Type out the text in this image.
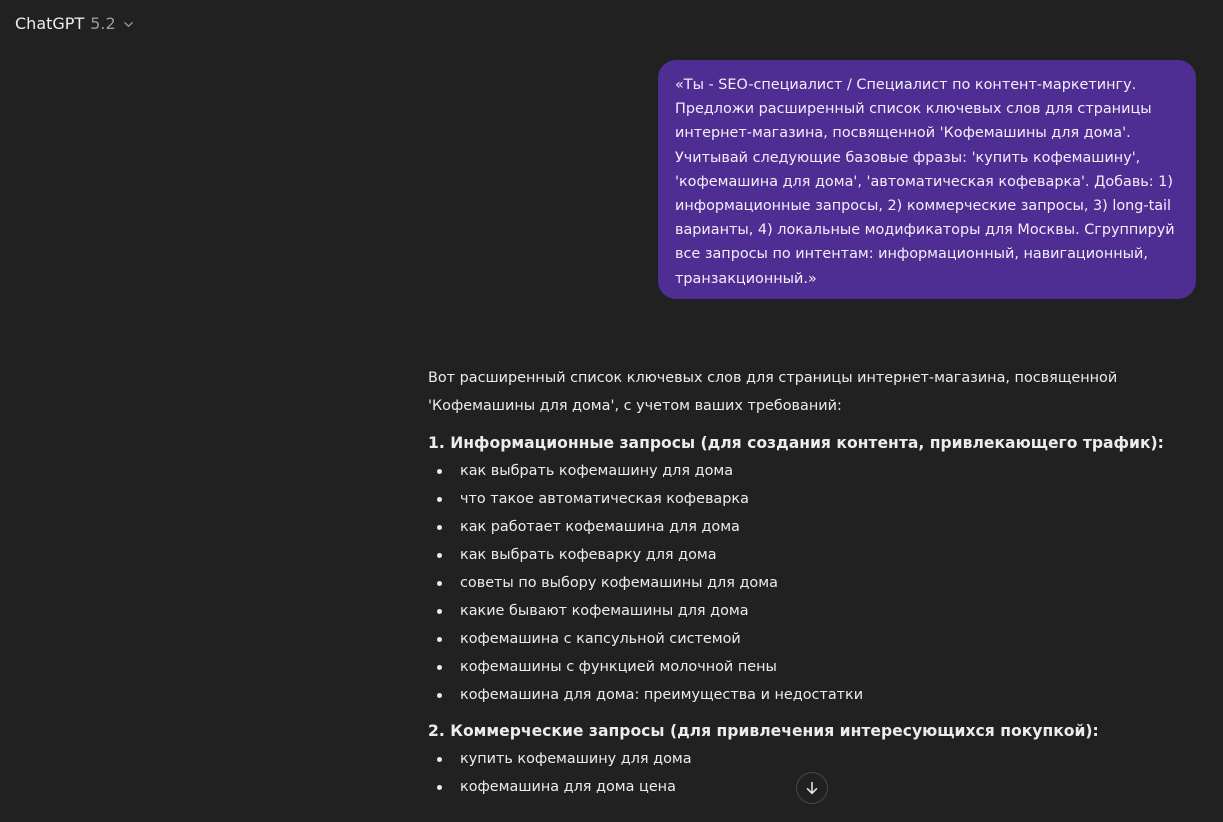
ChatGPT 5.2
«Ты - SEO-специалист / Специалист по контент-маркетингу.
Предложи расширенный список ключевых слов для страницы
интернет-магазина, посвященной 'Кофемашины для дома'.
Учитывай следующие базовые фразы: 'купить кофемашину',
'кофемашина для дома', 'автоматическая кофеварка'. Добавь: 1)
информационные запросы, 2) коммерческие запросы, 3) long-tail
варианты, 4) локальные модификаторы для Москвы. Сгруппируй
все запросы по интентам: информационный, навигационный,
транзакционный.»

Вот расширенный список ключевых слов для страницы интернет-магазина, посвященной
'Кофемашины для дома', с учетом ваших требований:

1. Информационные запросы (для создания контента, привлекающего трафик):
как выбрать кофемашину для дома
что такое автоматическая кофеварка
как работает кофемашина для дома
как выбрать кофеварку для дома
советы по выбору кофемашины для дома
какие бывают кофемашины для дома
кофемашина с капсульной системой
кофемашины с функцией молочной пены
кофемашина для дома: преимущества и недостатки
2. Коммерческие запросы (для привлечения интересующихся покупкой):
купить кофемашину для дома
кофемашина для дома цена
